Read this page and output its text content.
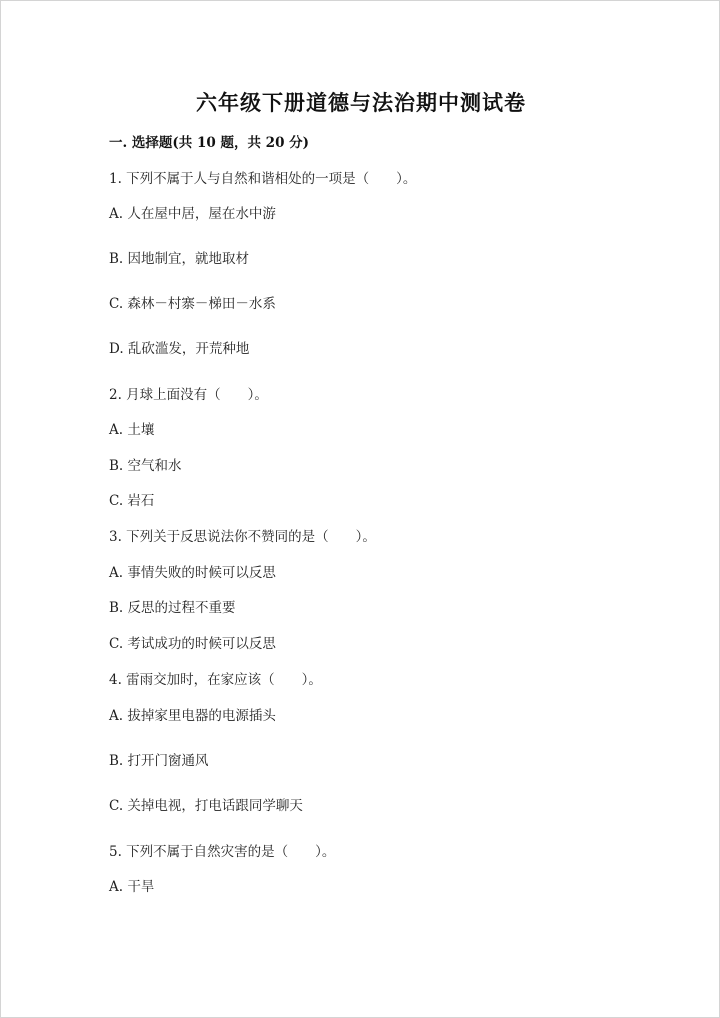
六年级下册道德与法治期中测试卷
一. 选择题(共 10 题，共 20 分)
1. 下列不属于人与自然和谐相处的一项是（　　）。
A. 人在屋中居，屋在水中游
B. 因地制宜，就地取材
C. 森林－村寨－梯田－水系
D. 乱砍滥发，开荒种地
2. 月球上面没有（　　）。
A. 土壤
B. 空气和水
C. 岩石
3. 下列关于反思说法你不赞同的是（　　）。
A. 事情失败的时候可以反思
B. 反思的过程不重要
C. 考试成功的时候可以反思
4. 雷雨交加时，在家应该（　　）。
A. 拔掉家里电器的电源插头
B. 打开门窗通风
C. 关掉电视，打电话跟同学聊天
5. 下列不属于自然灾害的是（　　）。
A. 干旱
